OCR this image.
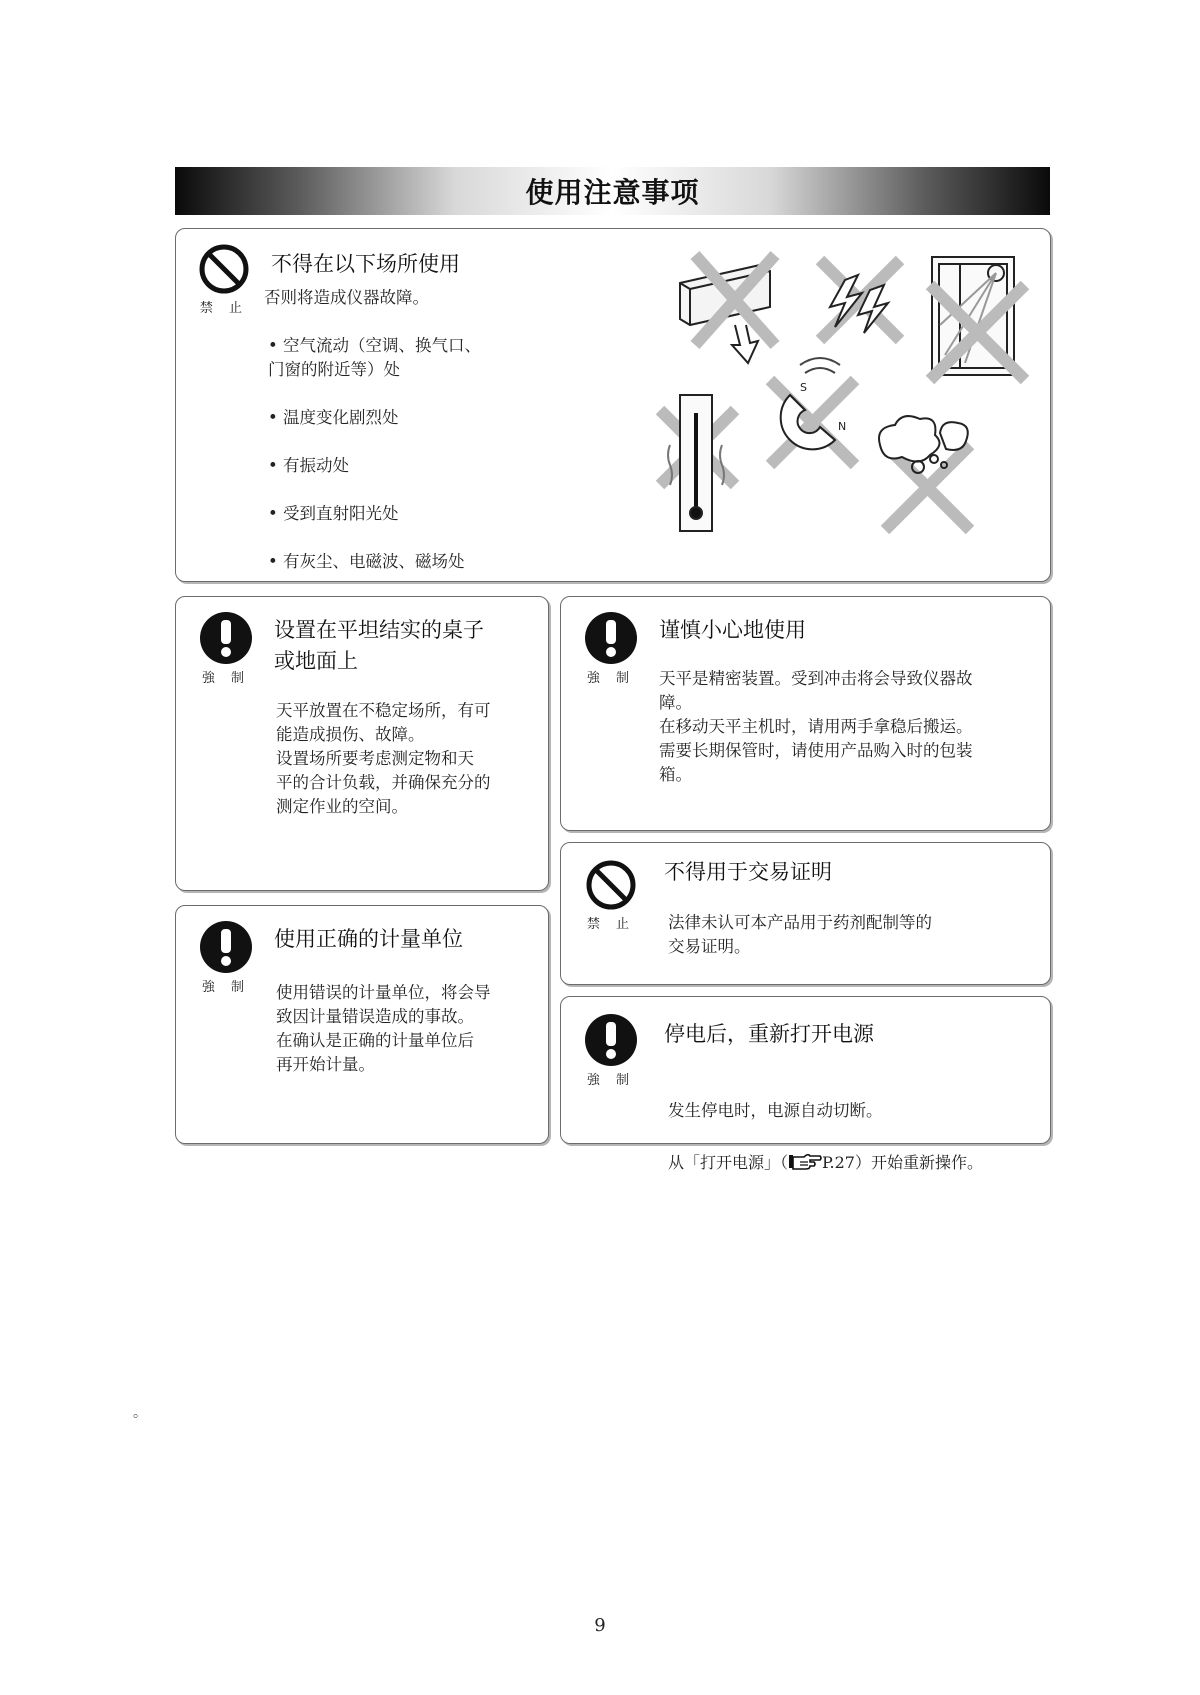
使用注意事项
禁 止
不得在以下场所使用
否则将造成仪器故障。

• 空气流动（空调、换气口、
门窗的附近等）处

• 温度变化剧烈处

• 有振动处

• 受到直射阳光处

• 有灰尘、电磁波、磁场处

S
N
強 制
设置在平坦结实的桌子
或地面上
天平放置在不稳定场所，有可
能造成损伤、故障。
设置场所要考虑测定物和天
平的合计负载，并确保充分的
测定作业的空间。
強 制
谨慎小心地使用
天平是精密装置。受到冲击将会导致仪器故
障。
在移动天平主机时，请用两手拿稳后搬运。
需要长期保管时，请使用产品购入时的包装
箱。
強 制
使用正确的计量单位
使用错误的计量单位，将会导
致因计量错误造成的事故。
在确认是正确的计量单位后
再开始计量。
禁 止
不得用于交易证明
法律未认可本产品用于药剂配制等的
交易证明。
強 制
停电后，重新打开电源

发生停电时，电源自动切断。

从「打开电源」（ P.27）开始重新操作。

。
9
